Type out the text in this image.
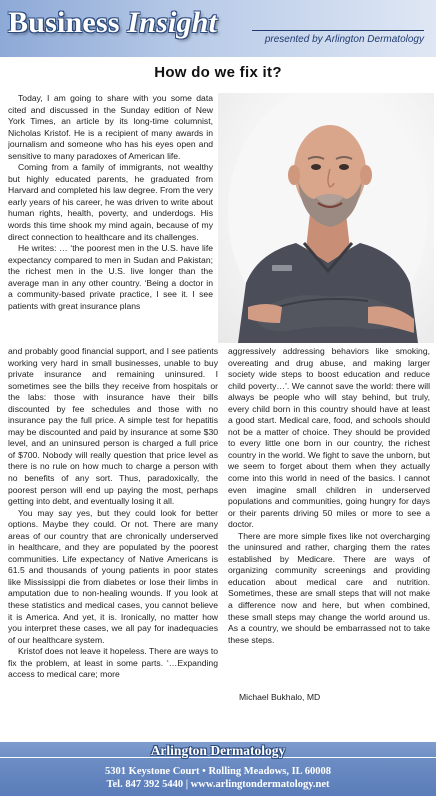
Business Insight
presented by Arlington Dermatology
How do we fix it?

Today, I am going to share with you some data cited and discussed in the Sunday edition of New York Times, an article by its long-time columnist, Nicholas Kristof. He is a recipient of many awards in journalism and someone who has his eyes open and sensitive to many paradoxes of American life.

Coming from a family of immigrants, not wealthy but highly educated parents, he graduated from Harvard and completed his law degree. From the very early years of his career, he was driven to write about human rights, health, poverty, and underdogs. His words this time shook my mind again, because of my direct connection to healthcare and its challenges.

He writes: … ‘the poorest men in the U.S. have life expectancy compared to men in Sudan and Pakistan; the richest men in the U.S. live longer than the average man in any other country. ‘Being a doctor in a community-based private practice, I see it. I see patients with great insurance plans

and probably good financial support, and I see patients working very hard in small businesses, unable to buy private insurance and remaining uninsured. I sometimes see the bills they receive from hospitals or the labs: those with insurance have their bills discounted by fee schedules and those with no insurance pay the full price. A simple test for hepatitis may be discounted and paid by insurance at some $30 level, and an uninsured person is charged a full price of $700. Nobody will really question that price level as there is no rule on how much to charge a person with no benefits of any sort. Thus, paradoxically, the poorest person will end up paying the most, perhaps getting into debt, and eventually losing it all.

You may say yes, but they could look for better options. Maybe they could. Or not. There are many areas of our country that are chronically underserved in healthcare, and they are populated by the poorest communities. Life expectancy of Native Americans is 61.5 and thousands of young patients in poor states like Mississippi die from diabetes or lose their limbs in amputation due to non-healing wounds. If you look at these statistics and medical cases, you cannot believe it is America. And yet, it is. Ironically, no matter how you interpret these cases, we all pay for inadequacies of our healthcare system.

Kristof does not leave it hopeless. There are ways to fix the problem, at least in some parts. ‘…Expanding access to medical care; more

aggressively addressing behaviors like smoking, overeating and drug abuse, and making larger society wide steps to boost education and reduce child poverty…’. We cannot save the world: there will always be people who will stay behind, but truly, every child born in this country should have at least a good start. Medical care, food, and schools should not be a matter of choice. They should be provided to every little one born in our country, the richest country in the world. We fight to save the unborn, but we seem to forget about them when they actually come into this world in need of the basics. I cannot even imagine small children in underserved populations and communities, going hungry for days or their parents driving 50 miles or more to see a doctor.

There are more simple fixes like not overcharging the uninsured and rather, charging them the rates established by Medicare. There are ways of organizing community screenings and providing education about medical care and nutrition. Sometimes, these are small steps that will not make a difference now and here, but when combined, these small steps may change the world around us. As a country, we should be embarrassed not to take these steps.

Michael Bukhalo, MD
Arlington Dermatology
5301 Keystone Court • Rolling Meadows, IL 60008
Tel. 847 392 5440 | www.arlingtondermatology.net
